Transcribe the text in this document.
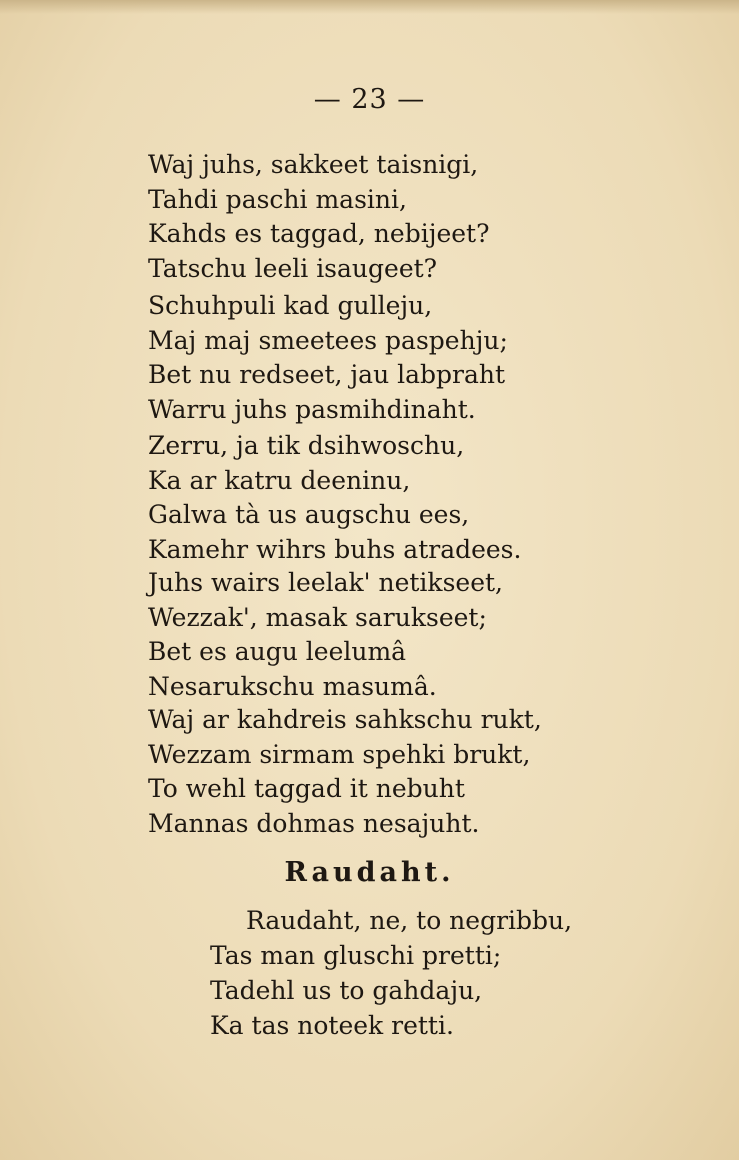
— 23 —
Waj juhs, sakkeet taisnigi,
Tahdi paschi masini,
Kahds es taggad, nebijeet?
Tatschu leeli isaugeet?
Schuhpuli kad gulleju,
Maj maj smeetees paspehju;
Bet nu redseet, jau labpraht
Warru juhs pasmihdinaht.
Zerru, ja tik dsihwoschu,
Ka ar katru deeninu,
Galwa tà us augschu ees,
Kamehr wihrs buhs atradees.
Juhs wairs leelak' netikseet,
Wezzak', masak sarukseet;
Bet es augu leelumâ
Nesarukschu masumâ.
Waj ar kahdreis sahkschu rukt,
Wezzam sirmam spehki brukt,
To wehl taggad it nebuht
Mannas dohmas nesajuht.
Raudaht.
Raudaht, ne, to negribbu,
Tas man gluschi pretti;
Tadehl us to gahdaju,
Ka tas noteek retti.
